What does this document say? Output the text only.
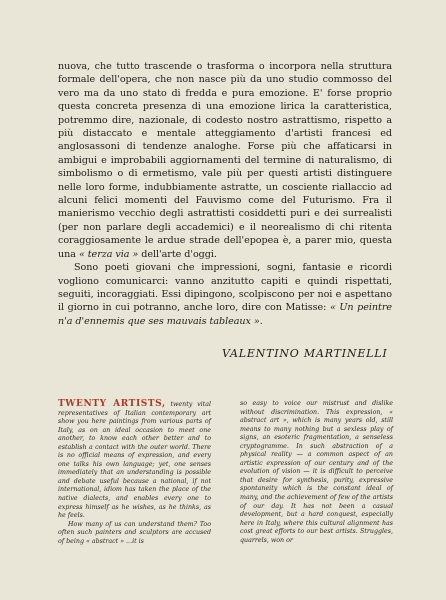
nuova, che tutto trascende o trasforma o incorpora nella struttura formale dell'opera, che non nasce più da uno studio commosso del vero ma da uno stato di fredda e pura emozione. E' forse proprio questa concreta presenza di una emozione lirica la caratteristica, potremmo dire, nazionale, di codesto nostro astrattismo, rispetto a più distaccato e mentale atteggiamento d'artisti francesi ed anglosassoni di tendenze analoghe. Forse più che affaticarsi in ambigui e improbabili aggiornamenti del termine di naturalismo, di simbolismo o di ermetismo, vale più per questi artisti distinguere nelle loro forme, indubbiamente astratte, un cosciente riallaccio ad alcuni felici momenti del Fauvismo come del Futurismo. Fra il manierismo vecchio degli astrattisti cosiddetti puri e dei surrealisti (per non parlare degli accademici) e il neorealismo di chi ritenta coraggiosamente le ardue strade dell'epopea è, a parer mio, questa una « terza via » dell'arte d'oggi.

Sono poeti giovani che impressioni, sogni, fantasie e ricordi vogliono comunicarci: vanno anzitutto capiti e quindi rispettati, seguiti, incoraggiati. Essi dipingono, scolpiscono per noi e aspettano il giorno in cui potranno, anche loro, dire con Matisse: « Un peintre n'a d'ennemis que ses mauvais tableaux ».

VALENTINO MARTINELLI

TWENTY ARTISTS, twenty vital representatives of Italian contemporary art show you here paintings from various parts of Italy, as on an ideal occasion to meet one another, to know each other better and to establish a contact with the outer world. There is no official means of expression, and every one talks his own language; yet, one senses immediately that an understanding is possible and debate useful because a national, if not international, idiom has taken the place of the native dialects, and enables every one to express himself as he wishes, as he thinks, as he feels.

How many of us can understand them? Too often such painters and sculptors are accused of being « abstract » ...it is

so easy to voice our mistrust and dislike without discrimination. This expression, « abstract art », which is many years old, still means to many nothing but a sexless play of signs, an esoteric fragmentation, a senseless cryptogramme. In such abstraction of a physical reality — a common aspect of an artistic expression of our century and of the evolution of vision — it is difficult to perceive that desire for synthesis, purity, expressive spontaneity which is the constant ideal of many, and the achievement of few of the artists of our day. It has not been a casual development, but a hard conquest, especially here in Italy, where this cultural alignment has cost great efforts to our best artists. Struggles, quarrels, won or
